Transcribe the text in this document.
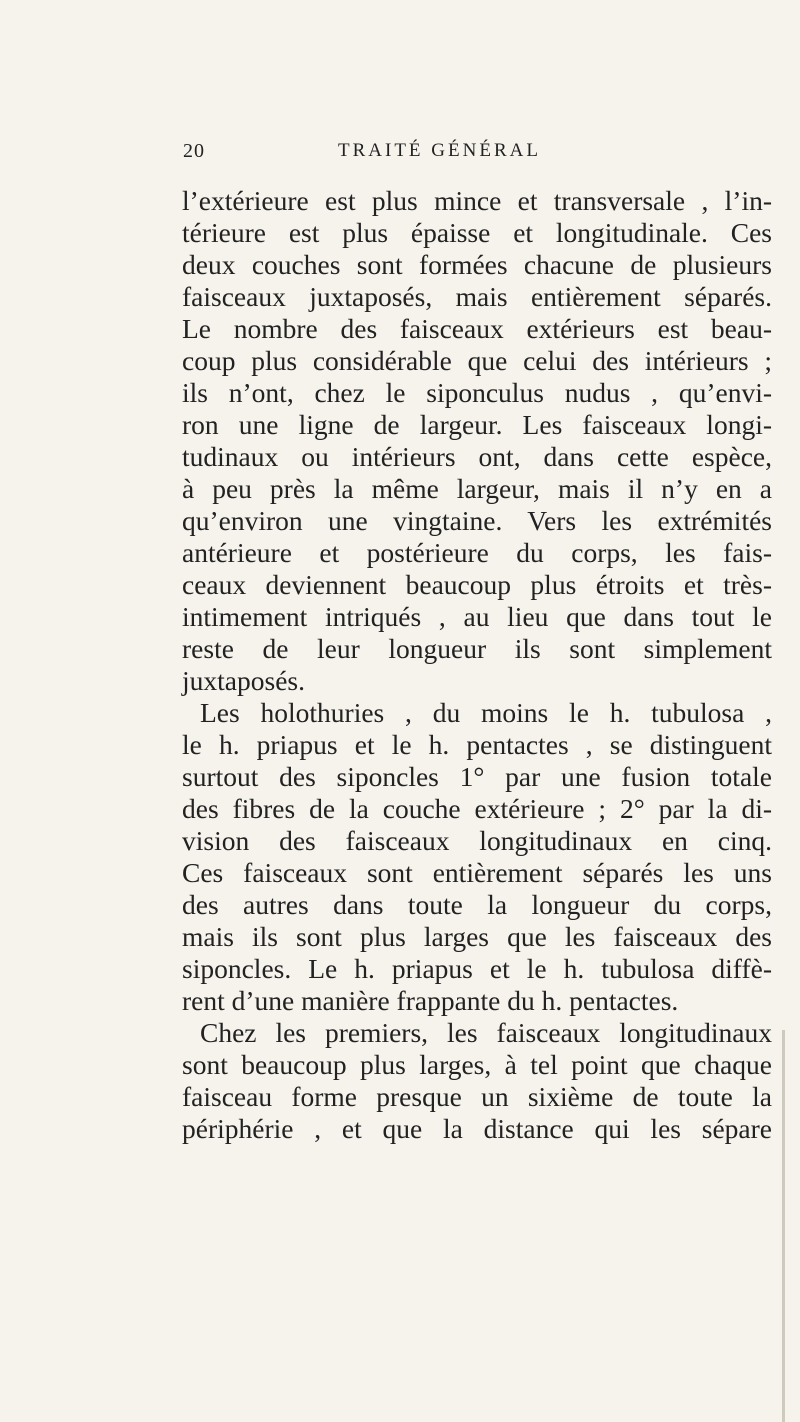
20	TRAITÉ GÉNÉRAL
l’extérieure est plus mince et transversale , l’in-
térieure est plus épaisse et longitudinale. Ces
deux couches sont formées chacune de plusieurs
faisceaux juxtaposés, mais entièrement séparés.
Le nombre des faisceaux extérieurs est beau-
coup plus considérable que celui des intérieurs ;
ils n’ont, chez le siponculus nudus , qu’envi-
ron une ligne de largeur. Les faisceaux longi-
tudinaux ou intérieurs ont, dans cette espèce,
à peu près la même largeur, mais il n’y en a
qu’environ une vingtaine. Vers les extrémités
antérieure et postérieure du corps, les fais-
ceaux deviennent beaucoup plus étroits et très-
intimement intriqués , au lieu que dans tout le
reste de leur longueur ils sont simplement
juxtaposés.
Les holothuries , du moins le h. tubulosa ,
le h. priapus et le h. pentactes , se distinguent
surtout des siponcles 1° par une fusion totale
des fibres de la couche extérieure ; 2° par la di-
vision des faisceaux longitudinaux en cinq.
Ces faisceaux sont entièrement séparés les uns
des autres dans toute la longueur du corps,
mais ils sont plus larges que les faisceaux des
siponcles. Le h. priapus et le h. tubulosa diffè-
rent d’une manière frappante du h. pentactes.
Chez les premiers, les faisceaux longitudinaux
sont beaucoup plus larges, à tel point que chaque
faisceau forme presque un sixième de toute la
périphérie , et que la distance qui les sépare
